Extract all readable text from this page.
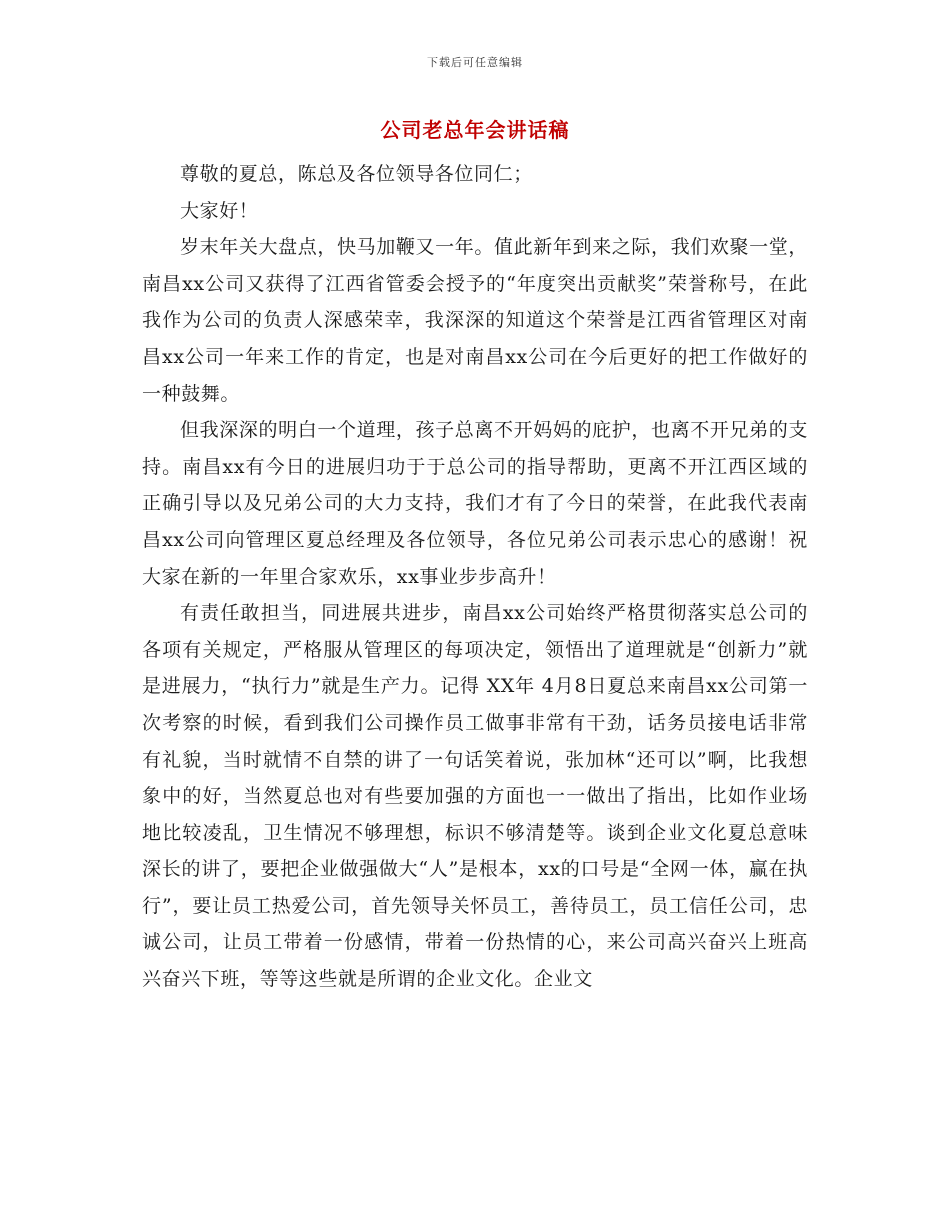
下载后可任意编辑
公司老总年会讲话稿

尊敬的夏总，陈总及各位领导各位同仁；

大家好！

岁末年关大盘点，快马加鞭又一年。值此新年到来之际，我们欢聚一堂，南昌xx公司又获得了江西省管委会授予的“年度突出贡献奖”荣誉称号，在此我作为公司的负责人深感荣幸，我深深的知道这个荣誉是江西省管理区对南昌xx公司一年来工作的肯定，也是对南昌xx公司在今后更好的把工作做好的一种鼓舞。

但我深深的明白一个道理，孩子总离不开妈妈的庇护，也离不开兄弟的支持。南昌xx有今日的进展归功于于总公司的指导帮助，更离不开江西区域的正确引导以及兄弟公司的大力支持，我们才有了今日的荣誉，在此我代表南昌xx公司向管理区夏总经理及各位领导，各位兄弟公司表示忠心的感谢！祝大家在新的一年里合家欢乐，xx事业步步高升！

有责任敢担当，同进展共进步，南昌xx公司始终严格贯彻落实总公司的各项有关规定，严格服从管理区的每项决定，领悟出了道理就是“创新力”就是进展力，“执行力”就是生产力。记得 XX年 4月8日夏总来南昌xx公司第一次考察的时候，看到我们公司操作员工做事非常有干劲，话务员接电话非常有礼貌，当时就情不自禁的讲了一句话笑着说，张加林“还可以”啊，比我想象中的好，当然夏总也对有些要加强的方面也一一做出了指出，比如作业场地比较凌乱，卫生情况不够理想，标识不够清楚等。谈到企业文化夏总意味深长的讲了，要把企业做强做大“人”是根本，xx的口号是“全网一体，赢在执行”，要让员工热爱公司，首先领导关怀员工，善待员工，员工信任公司，忠诚公司，让员工带着一份感情，带着一份热情的心，来公司高兴奋兴上班高兴奋兴下班，等等这些就是所谓的企业文化。企业文
